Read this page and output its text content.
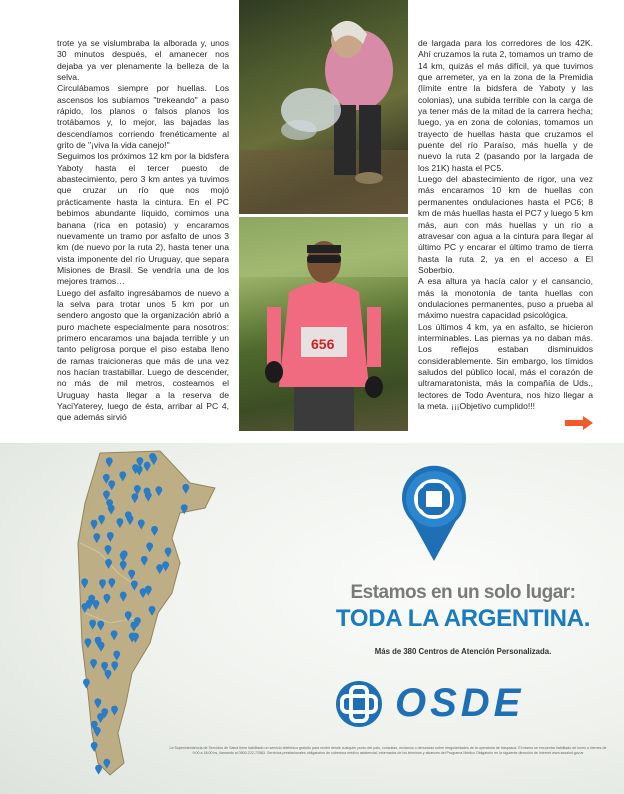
trote ya se vislumbraba la alborada y, unos 30 minutos después, el amanecer nos dejaba ya ver plenamente la belleza de la selva.

Circulábamos siempre por huellas. Los ascensos los subíamos "trekeando" a paso rápido, los planos o falsos planos los trotábamos y, lo mejor, las bajadas las descendíamos corriendo frenéticamente al grito de "¡viva la vida canejo!"

Seguimos los próximos 12 km por la bidsfera Yaboty hasta el tercer puesto de abastecimiento, pero 3 km antes ya tuvimos que cruzar un río que nos mojó prácticamente hasta la cintura. En el PC bebimos abundante líquido, comimos una banana (rica en potasio) y encaramos nuevamente un tramo por asfalto de unos 3 km (de nuevo por la ruta 2), hasta tener una vista imponente del río Uruguay, que separa Misiones de Brasil. Se vendría una de los mejores tramos…

Luego del asfalto ingresábamos de nuevo a la selva para trotar unos 5 km por un sendero angosto que la organización abrió a puro machete especialmente para nosotros: primero encaramos una bajada terrible y un tanto peligrosa porque el piso estaba lleno de ramas traicioneras que más de una vez nos hacían trastabillar. Luego de descender, no más de mil metros, costeamos el Uruguay hasta llegar a la reserva de YaciYaterey, luego de ésta, arribar al PC 4, que además sirvió

de largada para los corredores de los 42K. Ahí cruzamos la ruta 2, tomamos un tramo de 14 km, quizás el más difícil, ya que tuvimos que arremeter, ya en la zona de la Premidia (límite entre la bidsfera de Yaboty y las colonias), una subida terrible con la carga de ya tener más de la mitad de la carrera hecha; luego, ya en zona de colonias, tomamos un trayecto de huellas hasta que cruzamos el puente del río Paraíso, más huella y de nuevo la ruta 2 (pasando por la largada de los 21K) hasta el PC5.

Luego del abastecimiento de rigor, una vez más encaramos 10 km de huellas con permanentes ondulaciones hasta el PC6; 8 km de más huellas hasta el PC7 y luego 5 km más, aun con más huellas y un río a atravesar con agua a la cintura para llegar al último PC y encarar el último tramo de tierra hasta la ruta 2, ya en el acceso a El Soberbio.

A esa altura ya hacía calor y el cansancio, más la monotonía de tanta huellas con ondulaciones permanentes, puso a prueba al máximo nuestra capacidad psicológica.

Los últimos 4 km, ya en asfalto, se hicieron interminables. Las piernas ya no daban más. Los reflejos estaban disminuidos considerablemente. Sin embargo, los tímidos saludos del público local, más el corazón de ultramaratonista, más la compañía de Uds., lectores de Todo Aventura, nos hizo llegar a la meta. ¡¡¡Objetivo cumplido!!!

656
Estamos en un solo lugar:
TODA LA ARGENTINA.
Más de 380 Centros de Atención Personalizada.
OSDE
La Superintendencia de Servicios de Salud tiene habilitado un servicio telefónico gratuito para recibir desde cualquier punto del país, consultas, reclamos o denuncias sobre irregularidades de la operatoria de traspasos. El mismo se encuentra habilitado de lunes a viernes de 9:00 a 18:00 hs, llamando al 0800-222-72583. Servicios prestacionales obligatorios de cobertura médico asistencial, informados de los términos y alcances del Programa Médico Obligatorio en la siguiente dirección de Internet www.sssalud.gov.ar
